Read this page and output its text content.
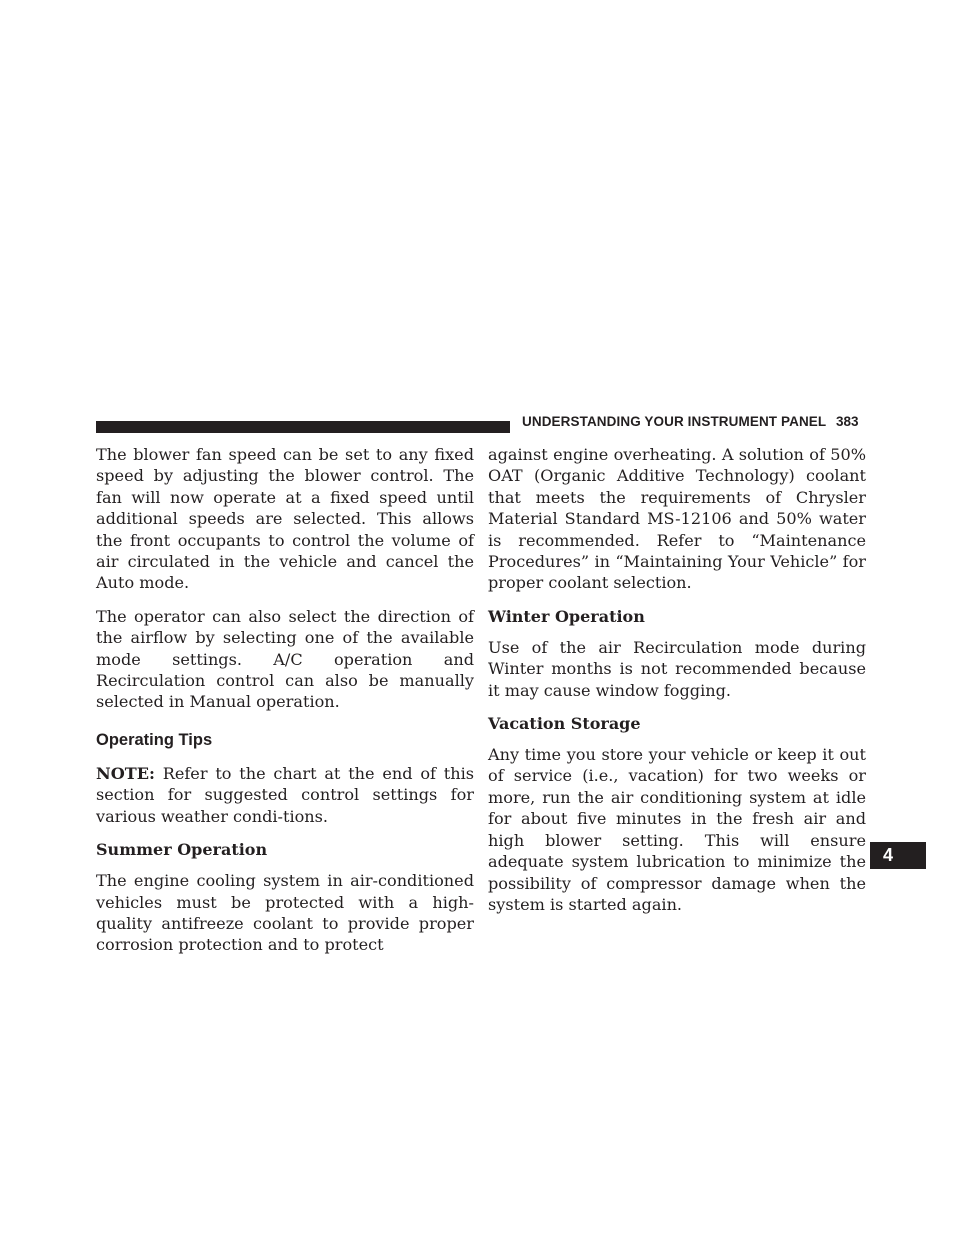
UNDERSTANDING YOUR INSTRUMENT PANEL 383
4

The blower fan speed can be set to any fixed speed by adjusting the blower control. The fan will now operate at a fixed speed until additional speeds are selected. This allows the front occupants to control the volume of air circulated in the vehicle and cancel the Auto mode.

The operator can also select the direction of the airflow by selecting one of the available mode settings. A/C operation and Recirculation control can also be manually selected in Manual operation.

Operating Tips

NOTE: Refer to the chart at the end of this section for suggested control settings for various weather condi-tions.

Summer Operation

The engine cooling system in air-conditioned vehicles must be protected with a high-quality antifreeze coolant to provide proper corrosion protection and to protect

against engine overheating. A solution of 50% OAT (Organic Additive Technology) coolant that meets the requirements of Chrysler Material Standard MS-12106 and 50% water is recommended. Refer to “Maintenance Procedures” in “Maintaining Your Vehicle” for proper coolant selection.

Winter Operation

Use of the air Recirculation mode during Winter months is not recommended because it may cause window fogging.

Vacation Storage

Any time you store your vehicle or keep it out of service (i.e., vacation) for two weeks or more, run the air conditioning system at idle for about five minutes in the fresh air and high blower setting. This will ensure adequate system lubrication to minimize the possibility of compressor damage when the system is started again.
